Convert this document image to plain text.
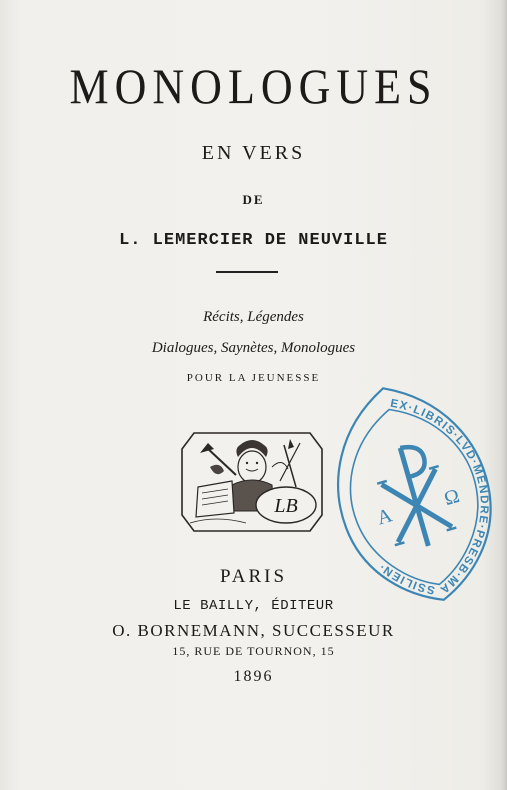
MONOLOGUES
EN VERS
DE
L. LEMERCIER DE NEUVILLE
Récits, Légendes
Dialogues, Saynètes, Monologues
POUR LA JEUNESSE
LB
EX·LIBRIS·LVD·MENDRE·PRESB·MASSILIEN·
A
Ω
PARIS
LE BAILLY, ÉDITEUR
O. BORNEMANN, SUCCESSEUR
15, RUE DE TOURNON, 15
1896
